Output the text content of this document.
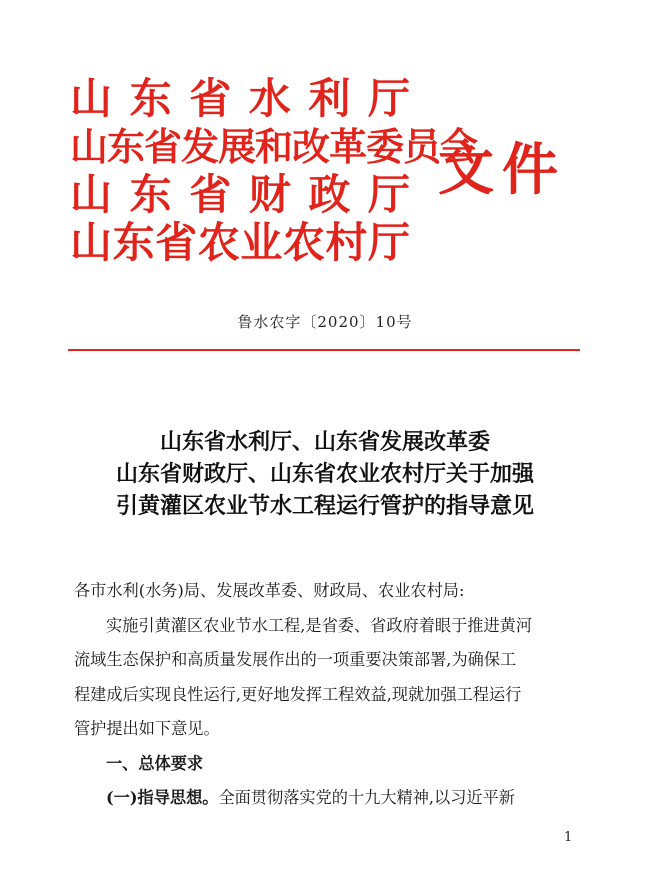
山 东 省 水 利 厅
山东省发展和改革委员会
山 东 省 财 政 厅
山 东 省 农 业 农 村 厅
文件
鲁水农字〔2020〕10号
山东省水利厅、山东省发展改革委
山东省财政厅、山东省农业农村厅关于加强
引黄灌区农业节水工程运行管护的指导意见

各市水利(水务)局、发展改革委、财政局、农业农村局:

实施引黄灌区农业节水工程,是省委、省政府着眼于推进黄河

流域生态保护和高质量发展作出的一项重要决策部署,为确保工

程建成后实现良性运行,更好地发挥工程效益,现就加强工程运行

管护提出如下意见。

一、总体要求

(一)指导思想。全面贯彻落实党的十九大精神,以习近平新

1
